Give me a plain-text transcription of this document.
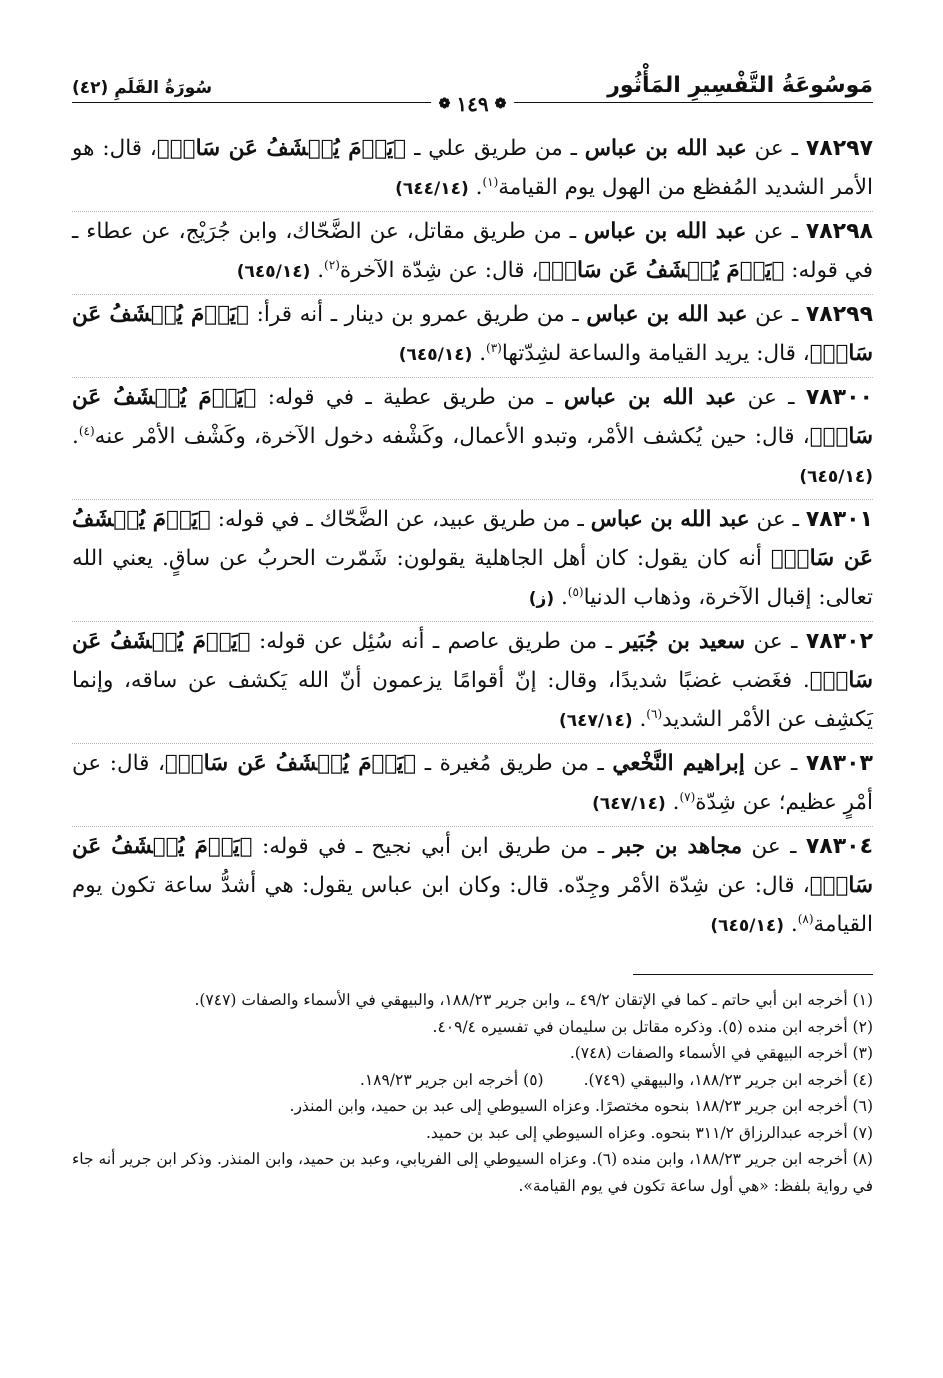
مَوسُوعَةُ التَّفْسِيرِ المَأْثُور
❁
١٤٩
❁
سُورَةُ القَلَمِ (٤٢)

٧٨٢٩٧ ـ عن عبد الله بن عباس ـ من طريق علي ـ ﴿يَوۡمَ يُكۡشَفُ عَن سَاقٖ﴾، قال: هو الأمر الشديد المُفظع من الهول يوم القيامة$^{(١)}$. (٦٤٤/١٤)

٧٨٢٩٨ ـ عن عبد الله بن عباس ـ من طريق مقاتل، عن الضَّحّاك، وابن جُرَيْج، عن عطاء ـ في قوله: ﴿يَوۡمَ يُكۡشَفُ عَن سَاقٖ﴾، قال: عن شِدّة الآخرة$^{(٢)}$. (٦٤٥/١٤)

٧٨٢٩٩ ـ عن عبد الله بن عباس ـ من طريق عمرو بن دينار ـ أنه قرأ: ﴿يَوۡمَ يُكۡشَفُ عَن سَاقٖ﴾، قال: يريد القيامة والساعة لشِدّتها$^{(٣)}$. (٦٤٥/١٤)

٧٨٣٠٠ ـ عن عبد الله بن عباس ـ من طريق عطية ـ في قوله: ﴿يَوۡمَ يُكۡشَفُ عَن سَاقٖ﴾، قال: حين يُكشف الأمْر، وتبدو الأعمال، وكَشْفه دخول الآخرة، وكَشْف الأمْر عنه$^{(٤)}$. (٦٤٥/١٤)

٧٨٣٠١ ـ عن عبد الله بن عباس ـ من طريق عبيد، عن الضَّحّاك ـ في قوله: ﴿يَوۡمَ يُكۡشَفُ عَن سَاقٖ﴾ أنه كان يقول: كان أهل الجاهلية يقولون: شَمّرت الحربُ عن ساقٍ. يعني الله تعالى: إقبال الآخرة، وذهاب الدنيا$^{(٥)}$. (ز)

٧٨٣٠٢ ـ عن سعيد بن جُبَير ـ من طريق عاصم ـ أنه سُئِل عن قوله: ﴿يَوۡمَ يُكۡشَفُ عَن سَاقٖ﴾. فغَضب غضبًا شديدًا، وقال: إنّ أقوامًا يزعمون أنّ الله يَكشف عن ساقه، وإنما يَكشِف عن الأمْر الشديد$^{(٦)}$. (٦٤٧/١٤)

٧٨٣٠٣ ـ عن إبراهيم النَّخْعي ـ من طريق مُغيرة ـ ﴿يَوۡمَ يُكۡشَفُ عَن سَاقٖ﴾، قال: عن أمْرٍ عظيم؛ عن شِدّة$^{(٧)}$. (٦٤٧/١٤)

٧٨٣٠٤ ـ عن مجاهد بن جبر ـ من طريق ابن أبي نجيح ـ في قوله: ﴿يَوۡمَ يُكۡشَفُ عَن سَاقٖ﴾، قال: عن شِدّة الأمْر وجِدّه. قال: وكان ابن عباس يقول: هي أشدُّ ساعة تكون يوم القيامة$^{(٨)}$. (٦٤٥/١٤)

(١) أخرجه ابن أبي حاتم ـ كما في الإتقان ٤٩/٢ ـ، وابن جرير ١٨٨/٢٣، والبيهقي في الأسماء والصفات (٧٤٧).

(٢) أخرجه ابن منده (٥). وذكره مقاتل بن سليمان في تفسيره ٤٠٩/٤.

(٣) أخرجه البيهقي في الأسماء والصفات (٧٤٨).

(٤) أخرجه ابن جرير ١٨٨/٢٣، والبيهقي (٧٤٩).
(٥) أخرجه ابن جرير ١٨٩/٢٣.

(٦) أخرجه ابن جرير ١٨٨/٢٣ بنحوه مختصرًا. وعزاه السيوطي إلى عبد بن حميد، وابن المنذر.

(٧) أخرجه عبدالرزاق ٣١١/٢ بنحوه. وعزاه السيوطي إلى عبد بن حميد.

(٨) أخرجه ابن جرير ١٨٨/٢٣، وابن منده (٦). وعزاه السيوطي إلى الفريابي، وعبد بن حميد، وابن المنذر. وذكر ابن جرير أنه جاء في رواية بلفظ: «هي أول ساعة تكون في يوم القيامة».
